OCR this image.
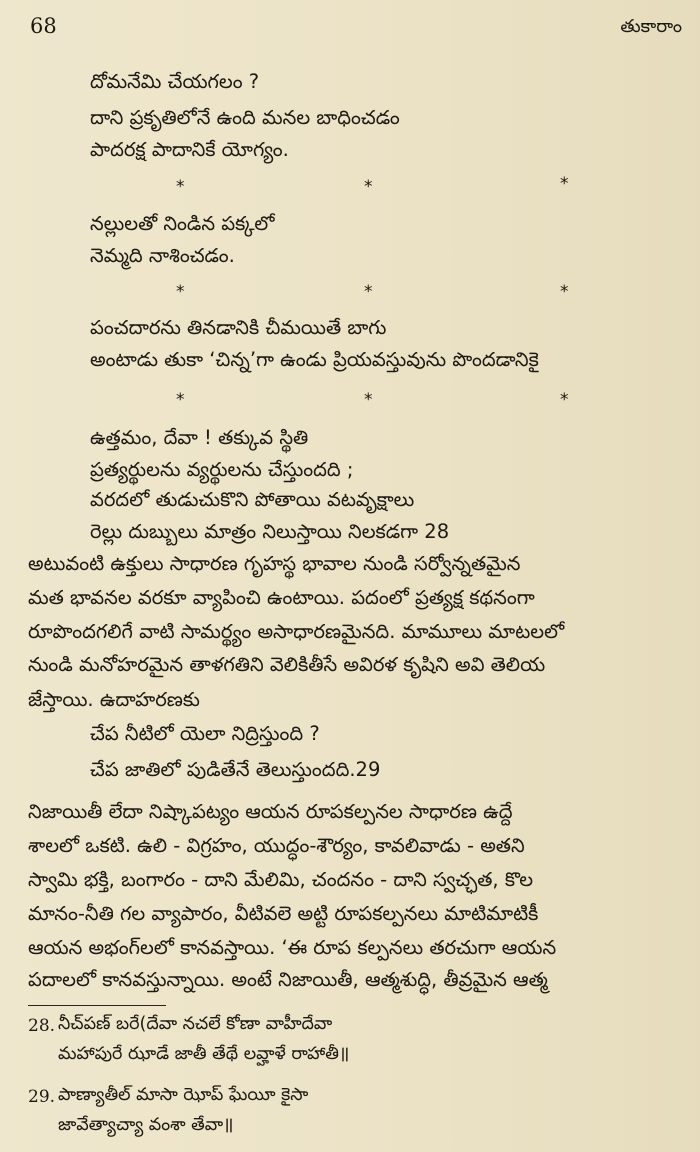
68	తుకారాం
దోమనేమి చేయగలం ?
దాని ప్రకృతిలోనే ఉంది మనల బాధించడం
పాదరక్ష పాదానికే యోగ్యం.
*	*	*
నల్లులతో నిండిన పక్కలో
నెమ్మది నాశించడం.
*	*	*
పంచదారను తినడానికి చీమయితే బాగు
అంటాడు తుకా ‘చిన్న’గా ఉండు ప్రియవస్తువును పొందడానికై
*	*	*
ఉత్తమం, దేవా ! తక్కువ స్థితి
ప్రత్యర్థులను వ్యర్థులను చేస్తుందది ;
వరదలో తుడుచుకొని పోతాయి వటవృక్షాలు
రెల్లు దుబ్బులు మాత్రం నిలుస్తాయి నిలకడగా 28
అటువంటి ఉక్తులు సాధారణ గృహస్థ భావాల నుండి సర్వోన్నతమైన
మత భావనల వరకూ వ్యాపించి ఉంటాయి. పదంలో ప్రత్యక్ష కథనంగా
రూపొందగలిగే వాటి సామర్థ్యం అసాధారణమైనది. మామూలు మాటలలో
నుండి మనోహరమైన తాళగతిని వెలికితీసే అవిరళ కృషిని అవి తెలియ
జేస్తాయి. ఉదాహరణకు
చేప నీటిలో యెలా నిద్రిస్తుంది ?
చేప జాతిలో పుడితేనే తెలుస్తుందది.29
నిజాయితీ లేదా నిష్కాపట్యం ఆయన రూపకల్పనల సాధారణ ఉద్దే
శాలలో ఒకటి. ఉలి - విగ్రహం, యుద్ధం-శౌర్యం, కావలివాడు - అతని
స్వామి భక్తి, బంగారం - దాని మేలిమి, చందనం - దాని స్వచ్ఛత, కొల
మానం-నీతి గల వ్యాపారం, వీటివలె అట్టి రూపకల్పనలు మాటిమాటికీ
ఆయన అభంగ్‌లలో కానవస్తాయి. ‘ఈ రూప కల్పనలు తరచుగా ఆయన
పదాలలో కానవస్తున్నాయి. అంటే నిజాయితీ, ఆత్మశుద్ధి, తీవ్రమైన ఆత్మ
28. నీచ్‌పణ్ బరే(దేవా నచలే కోణా వాహీదేవా
మహాపురే ఝాడే జాతీ తేథే లవ్హాళే రాహాతీ॥
29. పాణ్యాతీల్ మాసా ఝోప్ ఘేయీ కైసా
జావేత్యాచ్యా వంశా తేవా॥
